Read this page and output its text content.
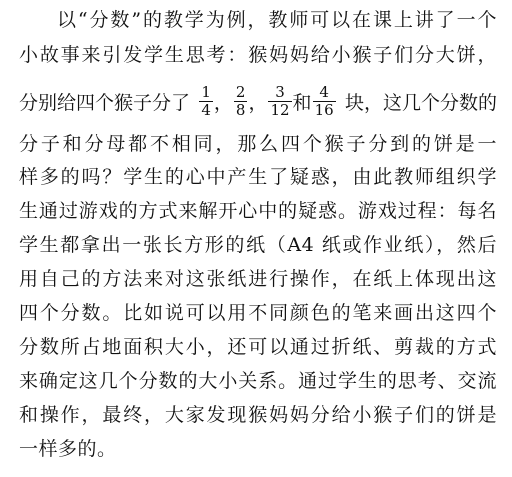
以“分数”的教学为例，教师可以在课上讲了一个
小故事来引发学生思考：猴妈妈给小猴子们分大饼，
分别给四个猴子分了 $\frac{1}{4}$ ， $\frac{2}{8}$ ， $\frac{3}{12}$ 和 $\frac{4}{16}$ 块，这几个分数的
分子和分母都不相同，那么四个猴子分到的饼是一
样多的吗？学生的心中产生了疑惑，由此教师组织学
生通过游戏的方式来解开心中的疑惑。游戏过程：每名
学生都拿出一张长方形的纸（A4 纸或作业纸），然后
用自己的方法来对这张纸进行操作，在纸上体现出这
四个分数。比如说可以用不同颜色的笔来画出这四个
分数所占地面积大小，还可以通过折纸、剪裁的方式
来确定这几个分数的大小关系。通过学生的思考、交流
和操作，最终，大家发现猴妈妈分给小猴子们的饼是
一样多的。
